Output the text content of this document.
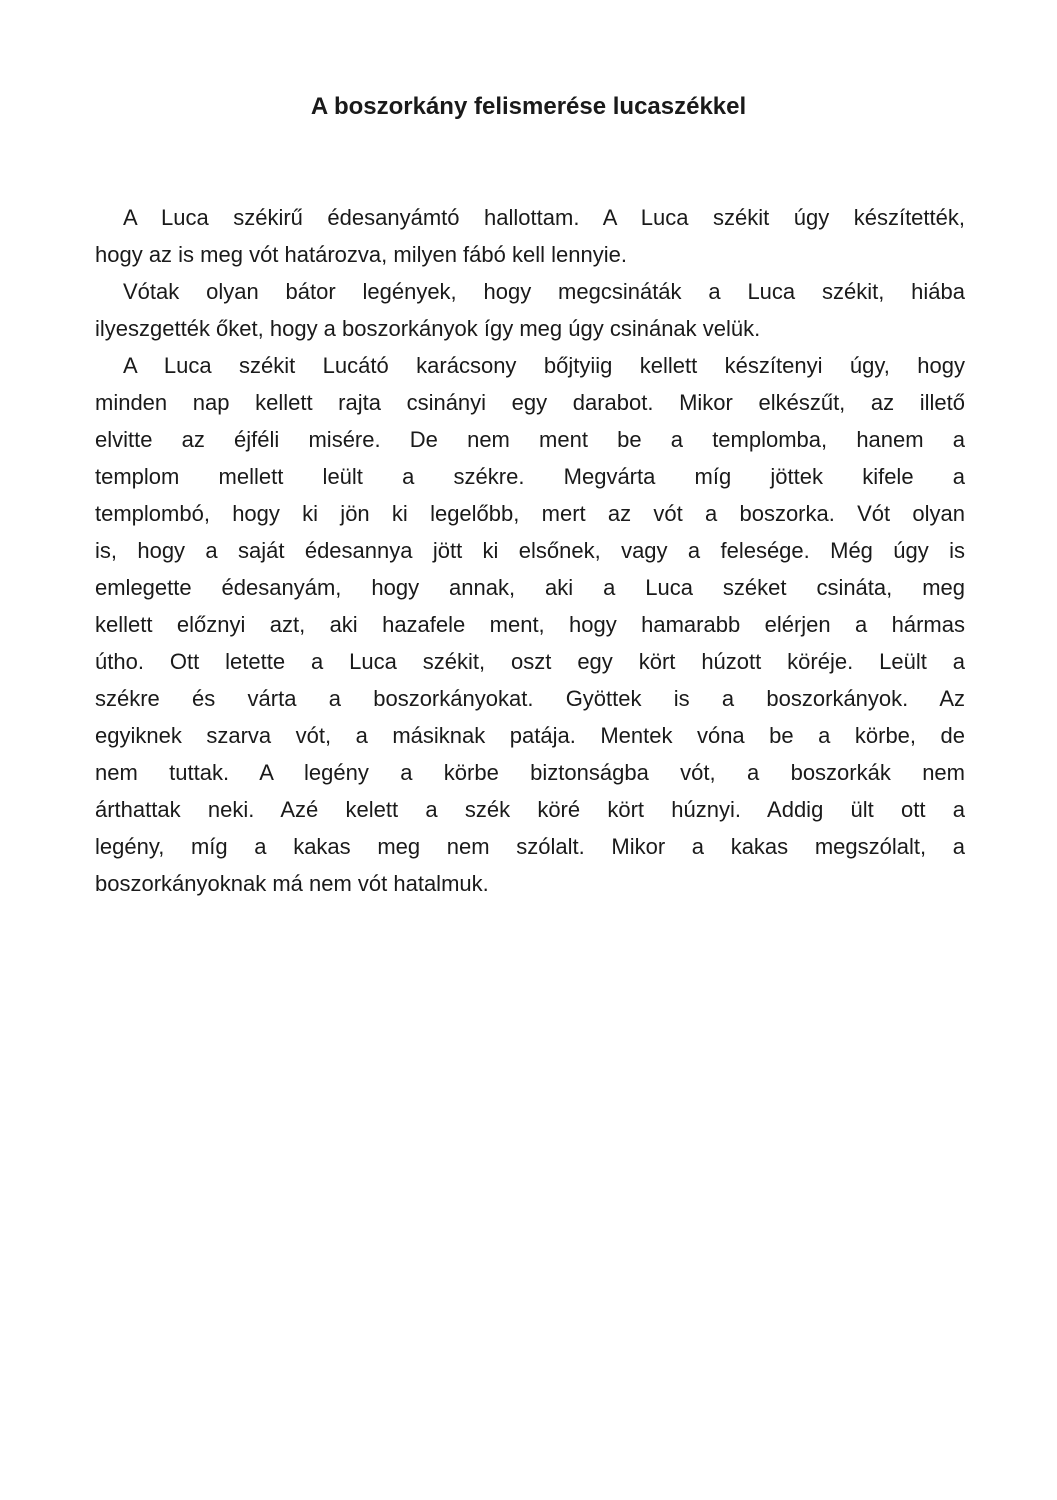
A boszorkány felismerése lucaszékkel
A Luca székirű édesanyámtó hallottam. A Luca székit úgy készítették,
hogy az is meg vót határozva, milyen fábó kell lennyie.
Vótak olyan bátor legények, hogy megcsináták a Luca székit, hiába
ilyeszgették őket, hogy a boszorkányok így meg úgy csinának velük.
A Luca székit Lucátó karácsony bőjtyiig kellett készítenyi úgy, hogy
minden nap kellett rajta csinányi egy darabot. Mikor elkészűt, az illető
elvitte az éjféli misére. De nem ment be a templomba, hanem a
templom mellett leült a székre. Megvárta míg jöttek kifele a
templombó, hogy ki jön ki legelőbb, mert az vót a boszorka. Vót olyan
is, hogy a saját édesannya jött ki elsőnek, vagy a felesége. Még úgy is
emlegette édesanyám, hogy annak, aki a Luca széket csináta, meg
kellett előznyi azt, aki hazafele ment, hogy hamarabb elérjen a hármas
útho. Ott letette a Luca székit, oszt egy kört húzott köréje. Leült a
székre és várta a boszorkányokat. Gyöttek is a boszorkányok. Az
egyiknek szarva vót, a másiknak patája. Mentek vóna be a körbe, de
nem tuttak. A legény a körbe biztonságba vót, a boszorkák nem
árthattak neki. Azé kelett a szék köré kört húznyi. Addig ült ott a
legény, míg a kakas meg nem szólalt. Mikor a kakas megszólalt, a
boszorkányoknak má nem vót hatalmuk.
